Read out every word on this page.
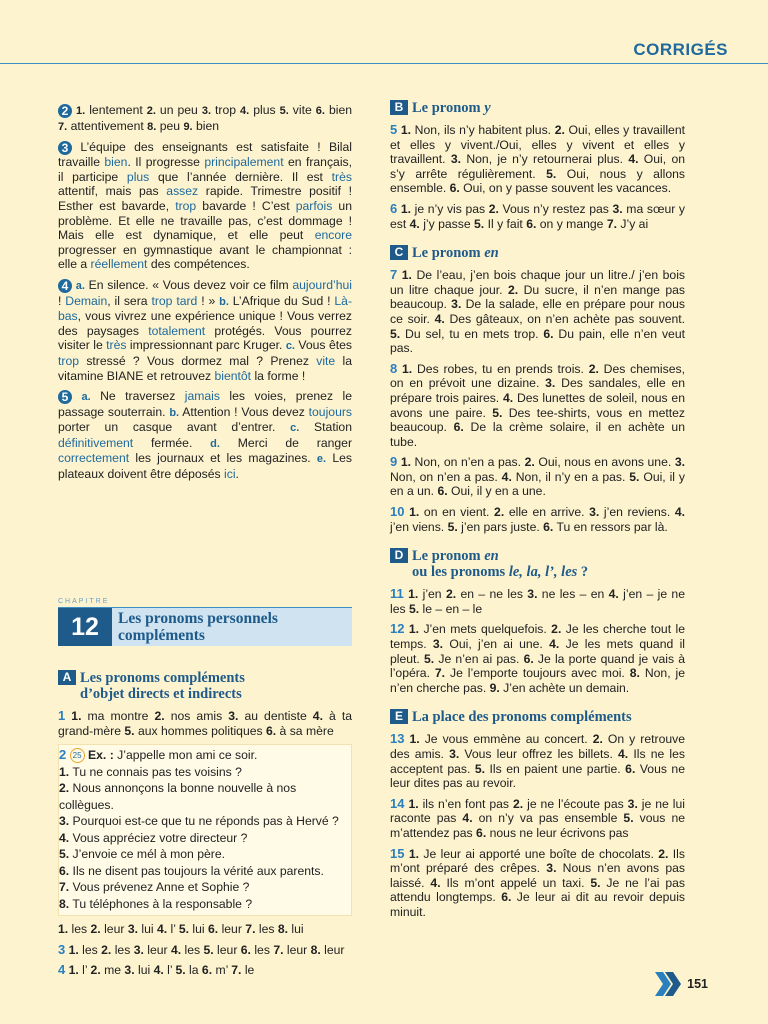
CORRIGÉS

2 1. lentement 2. un peu 3. trop 4. plus 5. vite 6. bien 7. attentivement 8. peu 9. bien

3 L’équipe des enseignants est satisfaite ! Bilal travaille bien. Il progresse principalement en français, il participe plus que l’année dernière. Il est très attentif, mais pas assez rapide. Trimestre positif ! Esther est bavarde, trop bavarde ! C’est parfois un problème. Et elle ne travaille pas, c’est dommage ! Mais elle est dynamique, et elle peut encore progresser en gymnastique avant le championnat : elle a réellement des compétences.

4 a. En silence. « Vous devez voir ce film aujourd’hui ! Demain, il sera trop tard ! » b. L’Afrique du Sud ! Là-bas, vous vivrez une expérience unique ! Vous verrez des paysages totalement protégés. Vous pourrez visiter le très impressionnant parc Kruger. c. Vous êtes trop stressé ? Vous dormez mal ? Prenez vite la vitamine BIANE et retrouvez bientôt la forme !

5 a. Ne traversez jamais les voies, prenez le passage souterrain. b. Attention ! Vous devez toujours porter un casque avant d’entrer. c. Station définitivement fermée. d. Merci de ranger correctement les journaux et les magazines. e. Les plateaux doivent être déposés ici.

CHAPITRE
12	Les pronoms personnels compléments
A Les pronoms compléments
d’objet directs et indirects

1 1. ma montre 2. nos amis 3. au dentiste 4. à ta grand-mère 5. aux hommes politiques 6. à sa mère

2 25 Ex. : J’appelle mon ami ce soir.
1. Tu ne connais pas tes voisins ?
2. Nous annonçons la bonne nouvelle à nos collègues.
3. Pourquoi est-ce que tu ne réponds pas à Hervé ?
4. Vous appréciez votre directeur ?
5. J’envoie ce mél à mon père.
6. Ils ne disent pas toujours la vérité aux parents.
7. Vous prévenez Anne et Sophie ?
8. Tu téléphones à la responsable ?

1. les 2. leur 3. lui 4. l’ 5. lui 6. leur 7. les 8. lui

3 1. les 2. les 3. leur 4. les 5. leur 6. les 7. leur 8. leur

4 1. l’ 2. me 3. lui 4. l’ 5. la 6. m’ 7. le

B Le pronom y

5 1. Non, ils n’y habitent plus. 2. Oui, elles y travaillent et elles y vivent./Oui, elles y vivent et elles y travaillent. 3. Non, je n’y retournerai plus. 4. Oui, on s’y arrête régulièrement. 5. Oui, nous y allons ensemble. 6. Oui, on y passe souvent les vacances.

6 1. je n’y vis pas 2. Vous n’y restez pas 3. ma sœur y est 4. j’y passe 5. Il y fait 6. on y mange 7. J’y ai

C Le pronom en

7 1. De l’eau, j’en bois chaque jour un litre./ j’en bois un litre chaque jour. 2. Du sucre, il n’en mange pas beaucoup. 3. De la salade, elle en prépare pour nous ce soir. 4. Des gâteaux, on n’en achète pas souvent. 5. Du sel, tu en mets trop. 6. Du pain, elle n’en veut pas.

8 1. Des robes, tu en prends trois. 2. Des chemises, on en prévoit une dizaine. 3. Des sandales, elle en prépare trois paires. 4. Des lunettes de soleil, nous en avons une paire. 5. Des tee-shirts, vous en mettez beaucoup. 6. De la crème solaire, il en achète un tube.

9 1. Non, on n’en a pas. 2. Oui, nous en avons une. 3. Non, on n’en a pas. 4. Non, il n’y en a pas. 5. Oui, il y en a un. 6. Oui, il y en a une.

10 1. on en vient. 2. elle en arrive. 3. j’en reviens. 4. j’en viens. 5. j’en pars juste. 6. Tu en ressors par là.

D Le pronom en
ou les pronoms le, la, l’, les ?

11 1. j’en 2. en – ne les 3. ne les – en 4. j’en – je ne les 5. le – en – le

12 1. J’en mets quelquefois. 2. Je les cherche tout le temps. 3. Oui, j’en ai une. 4. Je les mets quand il pleut. 5. Je n’en ai pas. 6. Je la porte quand je vais à l’opéra. 7. Je l’emporte toujours avec moi. 8. Non, je n’en cherche pas. 9. J’en achète un demain.

E La place des pronoms compléments

13 1. Je vous emmène au concert. 2. On y retrouve des amis. 3. Vous leur offrez les billets. 4. Ils ne les acceptent pas. 5. Ils en paient une partie. 6. Vous ne leur dites pas au revoir.

14 1. ils n’en font pas 2. je ne l’écoute pas 3. je ne lui raconte pas 4. on n’y va pas ensemble 5. vous ne m’attendez pas 6. nous ne leur écrivons pas

15 1. Je leur ai apporté une boîte de chocolats. 2. Ils m’ont préparé des crêpes. 3. Nous n’en avons pas laissé. 4. Ils m’ont appelé un taxi. 5. Je ne l’ai pas attendu longtemps. 6. Je leur ai dit au revoir depuis minuit.

151
